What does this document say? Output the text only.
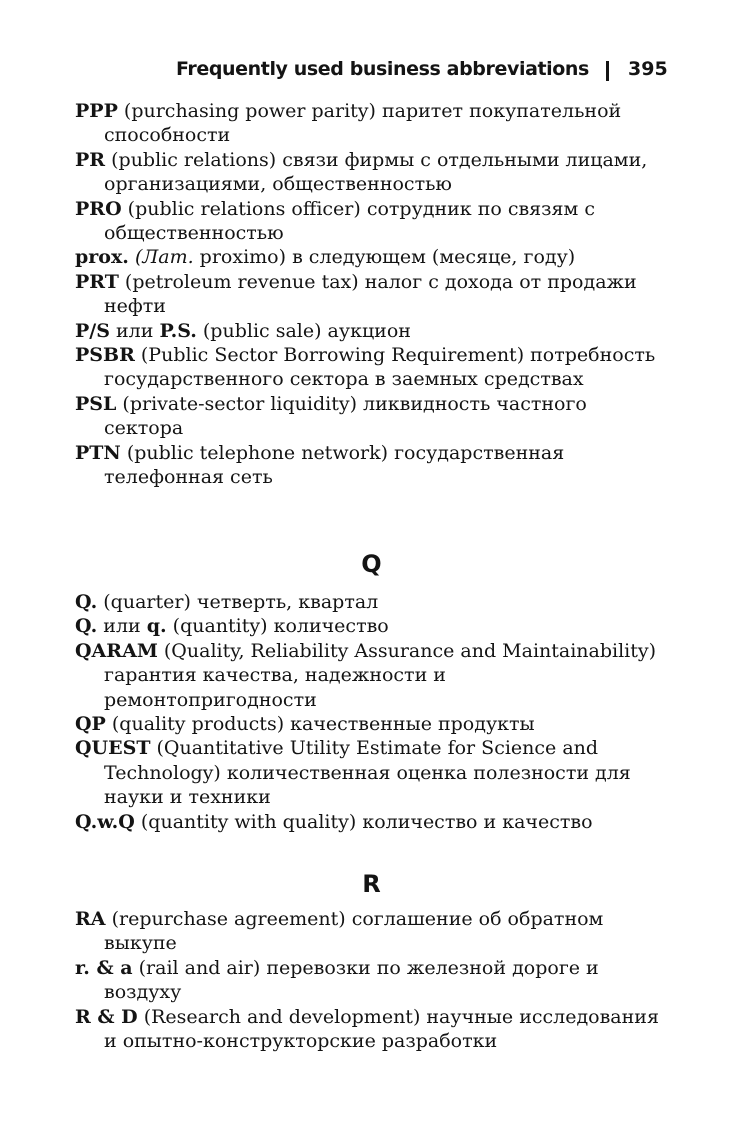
Frequently used business abbreviations 395

PPP (purchasing power parity) паритет покупательной способности

PR (public relations) связи фирмы с отдельными лицами, организациями, общественностью

PRO (public relations officer) сотрудник по связям с общественностью

prox. (Лат. proximo) в следующем (месяце, году)

PRT (petroleum revenue tax) налог с дохода от продажи нефти

P/S или P.S. (public sale) аукцион

PSBR (Public Sector Borrowing Requirement) потребность государственного сектора в заемных средствах

PSL (private-sector liquidity) ликвидность частного сектора

PTN (public telephone network) государственная телефонная сеть

Q

Q. (quarter) четверть, квартал

Q. или q. (quantity) количество

QARAM (Quality, Reliability Assurance and Maintainability) гарантия качества, надежности и ремонтопригодности

QP (quality products) качественные продукты

QUEST (Quantitative Utility Estimate for Science and Technology) количественная оценка полезности для науки и техники

Q.w.Q (quantity with quality) количество и качество

R

RA (repurchase agreement) соглашение об обратном выкупе

r. & a (rail and air) перевозки по железной дороге и воздуху

R & D (Research and development) научные исследования и опытно-конструкторские разработки
